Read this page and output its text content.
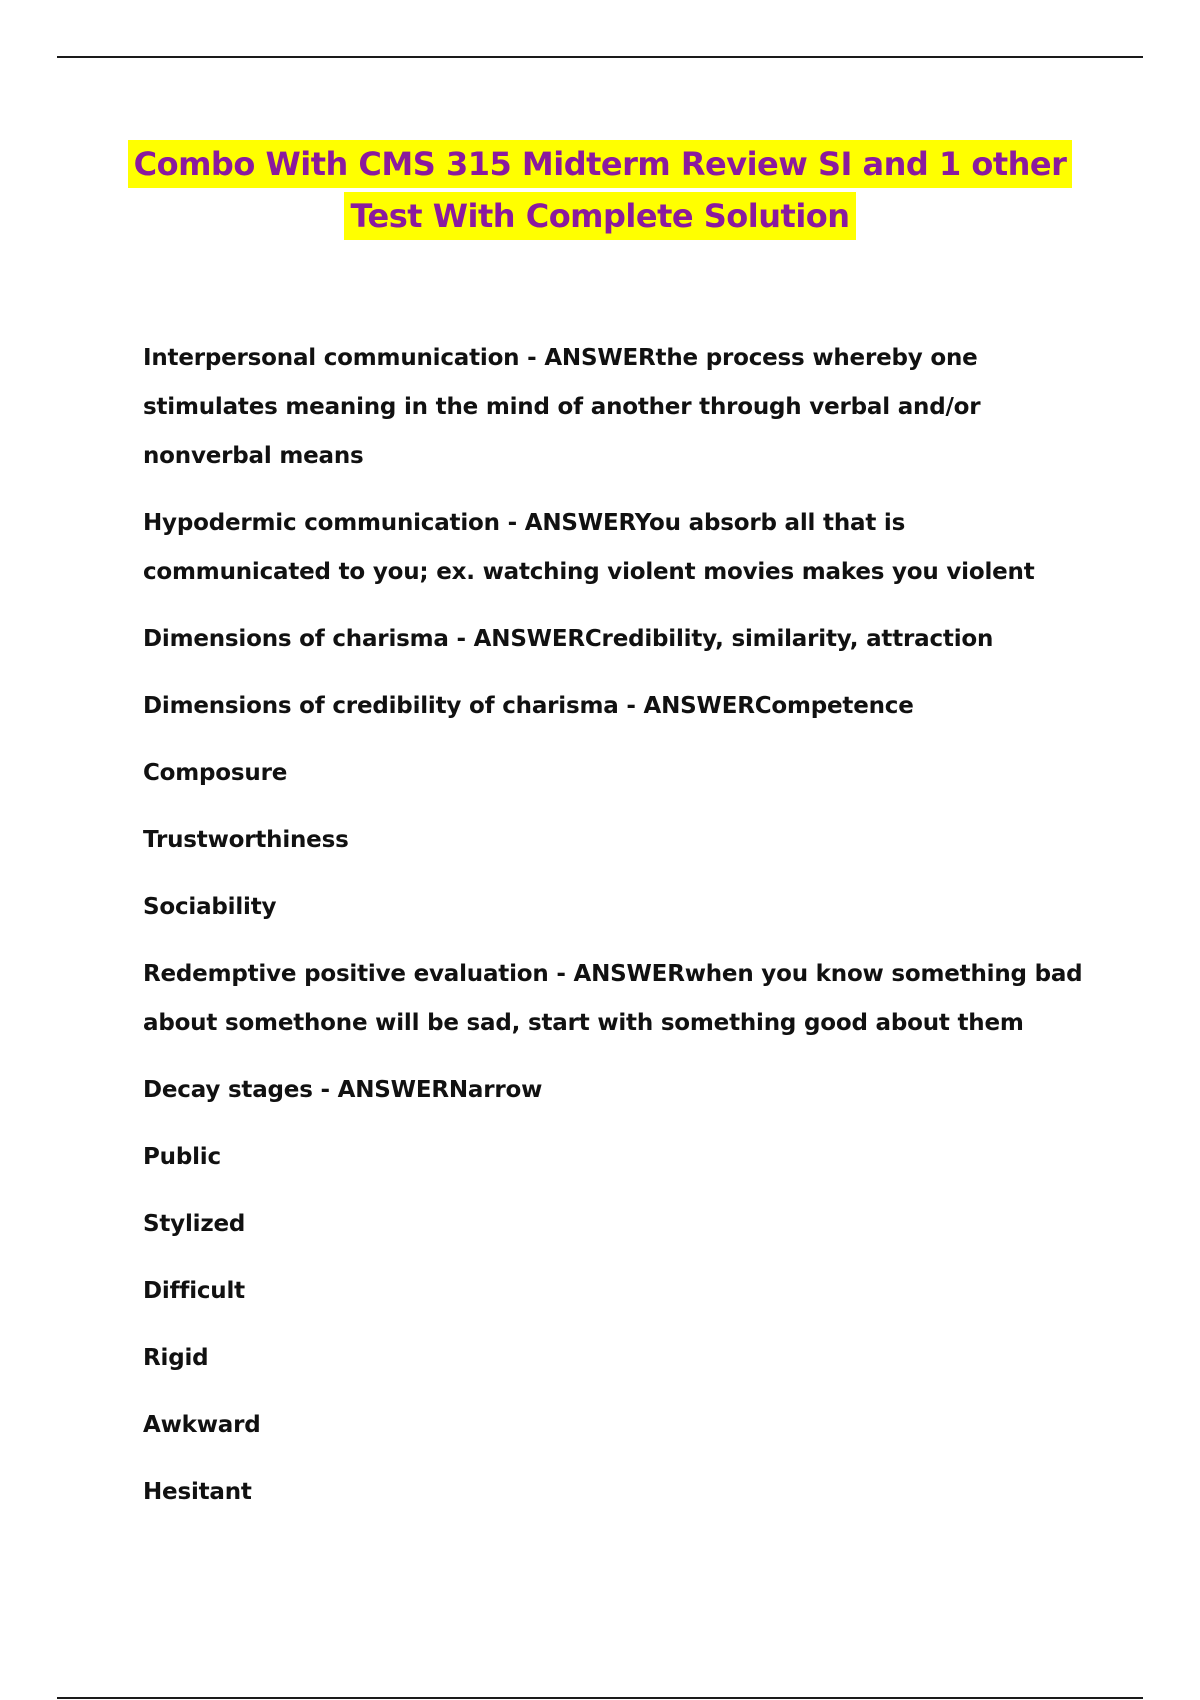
Combo With CMS 315 Midterm Review SI and 1 other
Test With Complete Solution

Interpersonal communication - ANSWERthe process whereby one stimulates meaning in the mind of another through verbal and/or nonverbal means

Hypodermic communication - ANSWERYou absorb all that is communicated to you; ex. watching violent movies makes you violent

Dimensions of charisma - ANSWERCredibility, similarity, attraction

Dimensions of credibility of charisma - ANSWERCompetence

Composure

Trustworthiness

Sociability

Redemptive positive evaluation - ANSWERwhen you know something bad about somethone will be sad, start with something good about them

Decay stages - ANSWERNarrow

Public

Stylized

Difficult

Rigid

Awkward

Hesitant
